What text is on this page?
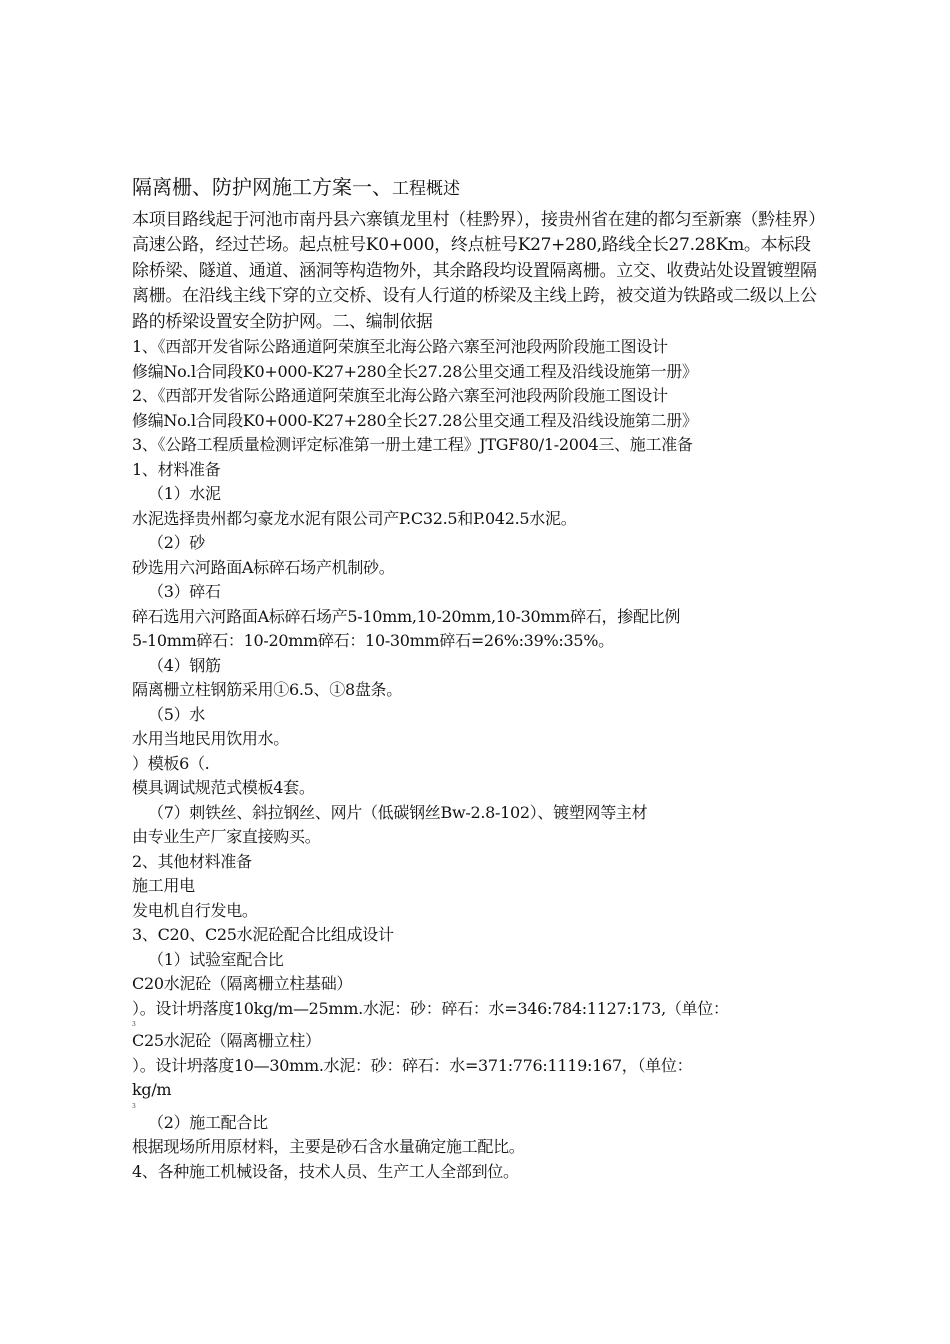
隔离栅、防护网施工方案一、工程概述

本项目路线起于河池市南丹县六寨镇龙里村（桂黔界），接贵州省在建的都匀至新寨（黔桂界）高速公路，经过芒场。起点桩号K0+000，终点桩号K27+280,路线全长27.28Km。本标段除桥梁、隧道、通道、涵洞等构造物外，其余路段均设置隔离栅。立交、收费站处设置镀塑隔离栅。在沿线主线下穿的立交桥、设有人行道的桥梁及主线上跨，被交道为铁路或二级以上公路的桥梁设置安全防护网。二、编制依据

1、《西部开发省际公路通道阿荣旗至北海公路六寨至河池段两阶段施工图设计
修编No.l合同段K0+000-K27+280全长27.28公里交通工程及沿线设施第一册》
2、《西部开发省际公路通道阿荣旗至北海公路六寨至河池段两阶段施工图设计
修编No.l合同段K0+000-K27+280全长27.28公里交通工程及沿线设施第二册》
3、《公路工程质量检测评定标准第一册土建工程》JTGF80/1-2004三、施工准备
1、材料准备
（1）水泥
水泥选择贵州都匀豪龙水泥有限公司产P.C32.5和P.042.5水泥。
（2）砂
砂选用六河路面A标碎石场产机制砂。
（3）碎石
碎石选用六河路面A标碎石场产5-10mm,10-20mm,10-30mm碎石，掺配比例
5-10mm碎石：10-20mm碎石：10-30mm碎石=26%:39%:35%。
（4）钢筋
隔离栅立柱钢筋采用①6.5、①8盘条。
（5）水
水用当地民用饮用水。
）模板6（.
模具调试规范式模板4套。
（7）刺铁丝、斜拉钢丝、网片（低碳钢丝Bw-2.8-102）、镀塑网等主材
由专业生产厂家直接购买。
2、其他材料准备
施工用电
发电机自行发电。
3、C20、C25水泥砼配合比组成设计
（1）试验室配合比
C20水泥砼（隔离栅立柱基础）
）。设计坍落度10kg/m—25mm.水泥：砂：碎石：水=346:784:1127:173,（单位：
3
C25水泥砼（隔离栅立柱）
）。设计坍落度10—30mm.水泥：砂：碎石：水=371:776:1119:167，（单位：
kg/m
3
（2）施工配合比
根据现场所用原材料，主要是砂石含水量确定施工配比。
4、各种施工机械设备，技术人员、生产工人全部到位。
